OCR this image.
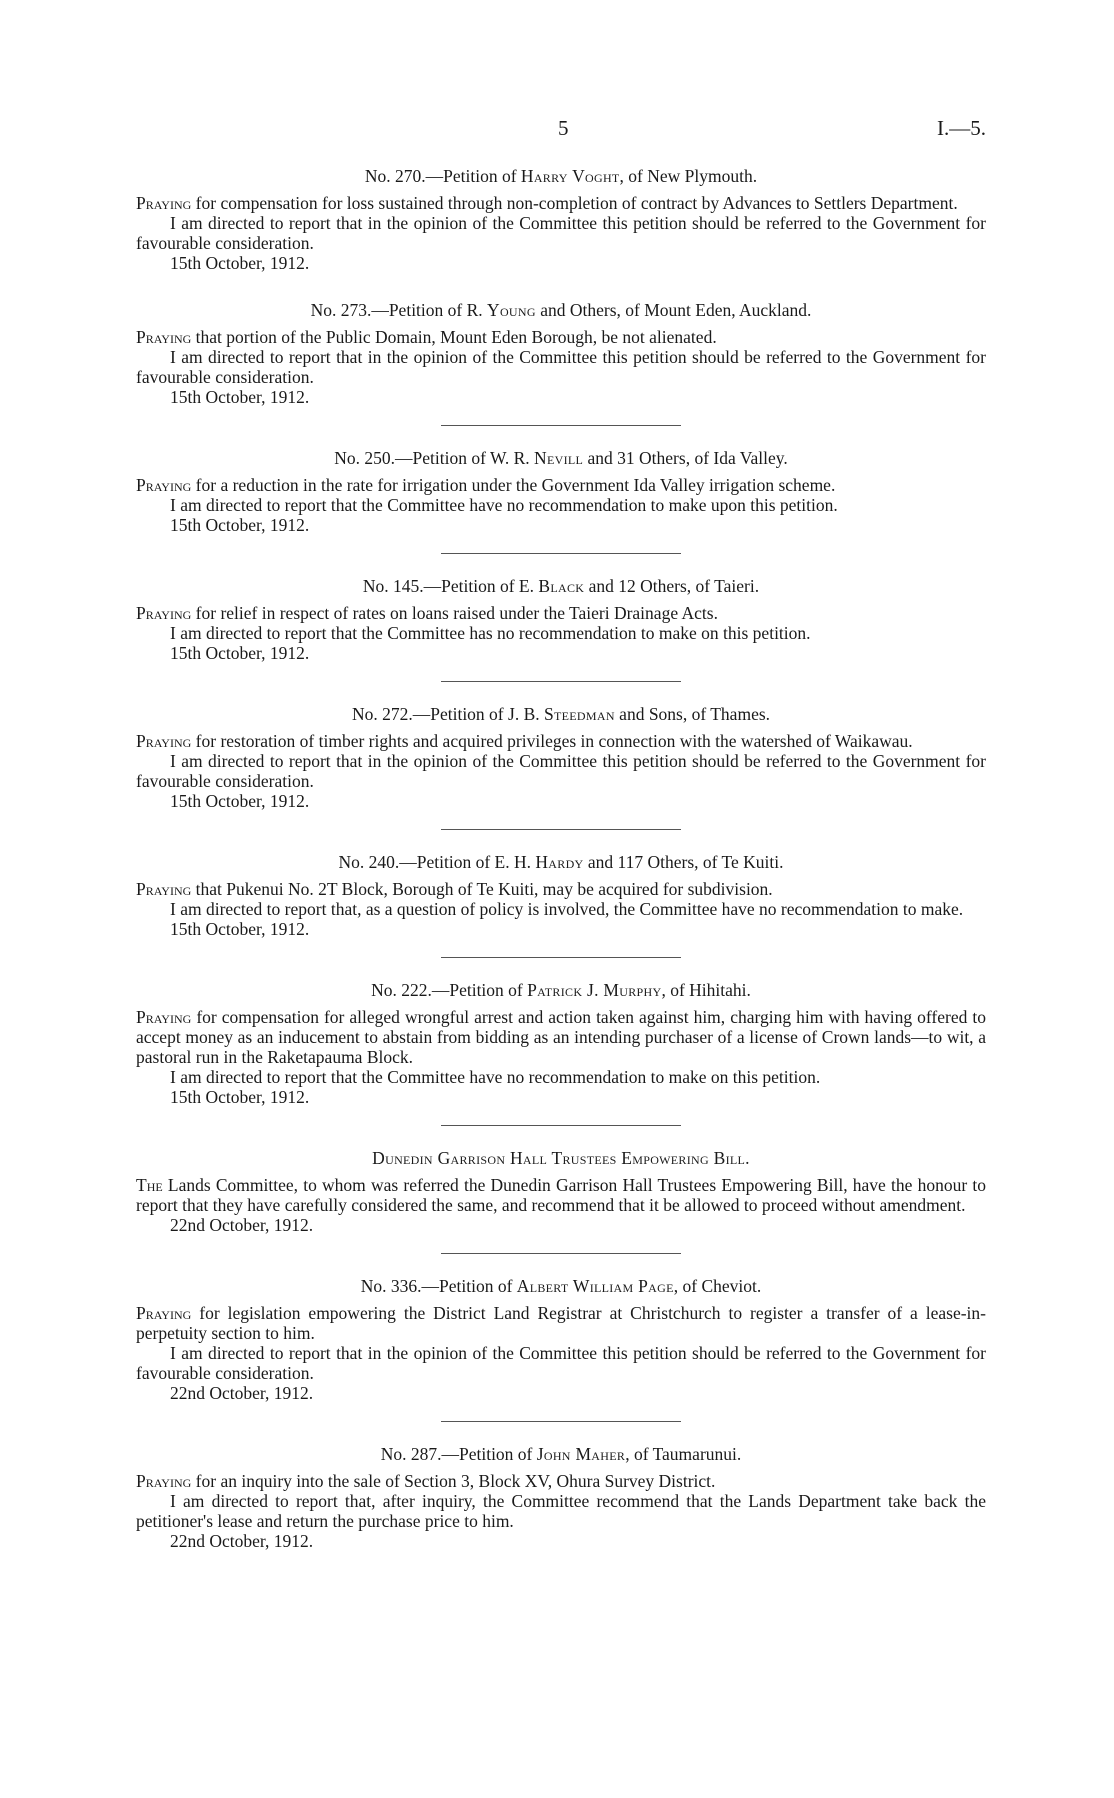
5	I.—5.

No. 270.—Petition of Harry Voght, of New Plymouth.

Praying for compensation for loss sustained through non-completion of contract by Advances to Settlers Department.

I am directed to report that in the opinion of the Committee this petition should be referred to the Government for favourable consideration.

15th October, 1912.

No. 273.—Petition of R. Young and Others, of Mount Eden, Auckland.

Praying that portion of the Public Domain, Mount Eden Borough, be not alienated.

I am directed to report that in the opinion of the Committee this petition should be referred to the Government for favourable consideration.

15th October, 1912.

No. 250.—Petition of W. R. Nevill and 31 Others, of Ida Valley.

Praying for a reduction in the rate for irrigation under the Government Ida Valley irrigation scheme.

I am directed to report that the Committee have no recommendation to make upon this petition.

15th October, 1912.

No. 145.—Petition of E. Black and 12 Others, of Taieri.

Praying for relief in respect of rates on loans raised under the Taieri Drainage Acts.

I am directed to report that the Committee has no recommendation to make on this petition.

15th October, 1912.

No. 272.—Petition of J. B. Steedman and Sons, of Thames.

Praying for restoration of timber rights and acquired privileges in connection with the watershed of Waikawau.

I am directed to report that in the opinion of the Committee this petition should be referred to the Government for favourable consideration.

15th October, 1912.

No. 240.—Petition of E. H. Hardy and 117 Others, of Te Kuiti.

Praying that Pukenui No. 2T Block, Borough of Te Kuiti, may be acquired for subdivision.

I am directed to report that, as a question of policy is involved, the Committee have no recommendation to make.

15th October, 1912.

No. 222.—Petition of Patrick J. Murphy, of Hihitahi.

Praying for compensation for alleged wrongful arrest and action taken against him, charging him with having offered to accept money as an inducement to abstain from bidding as an intending purchaser of a license of Crown lands—to wit, a pastoral run in the Raketapauma Block.

I am directed to report that the Committee have no recommendation to make on this petition.

15th October, 1912.

Dunedin Garrison Hall Trustees Empowering Bill.

The Lands Committee, to whom was referred the Dunedin Garrison Hall Trustees Empowering Bill, have the honour to report that they have carefully considered the same, and recommend that it be allowed to proceed without amendment.

22nd October, 1912.

No. 336.—Petition of Albert William Page, of Cheviot.

Praying for legislation empowering the District Land Registrar at Christchurch to register a transfer of a lease-in-perpetuity section to him.

I am directed to report that in the opinion of the Committee this petition should be referred to the Government for favourable consideration.

22nd October, 1912.

No. 287.—Petition of John Maher, of Taumarunui.

Praying for an inquiry into the sale of Section 3, Block XV, Ohura Survey District.

I am directed to report that, after inquiry, the Committee recommend that the Lands Department take back the petitioner's lease and return the purchase price to him.

22nd October, 1912.
